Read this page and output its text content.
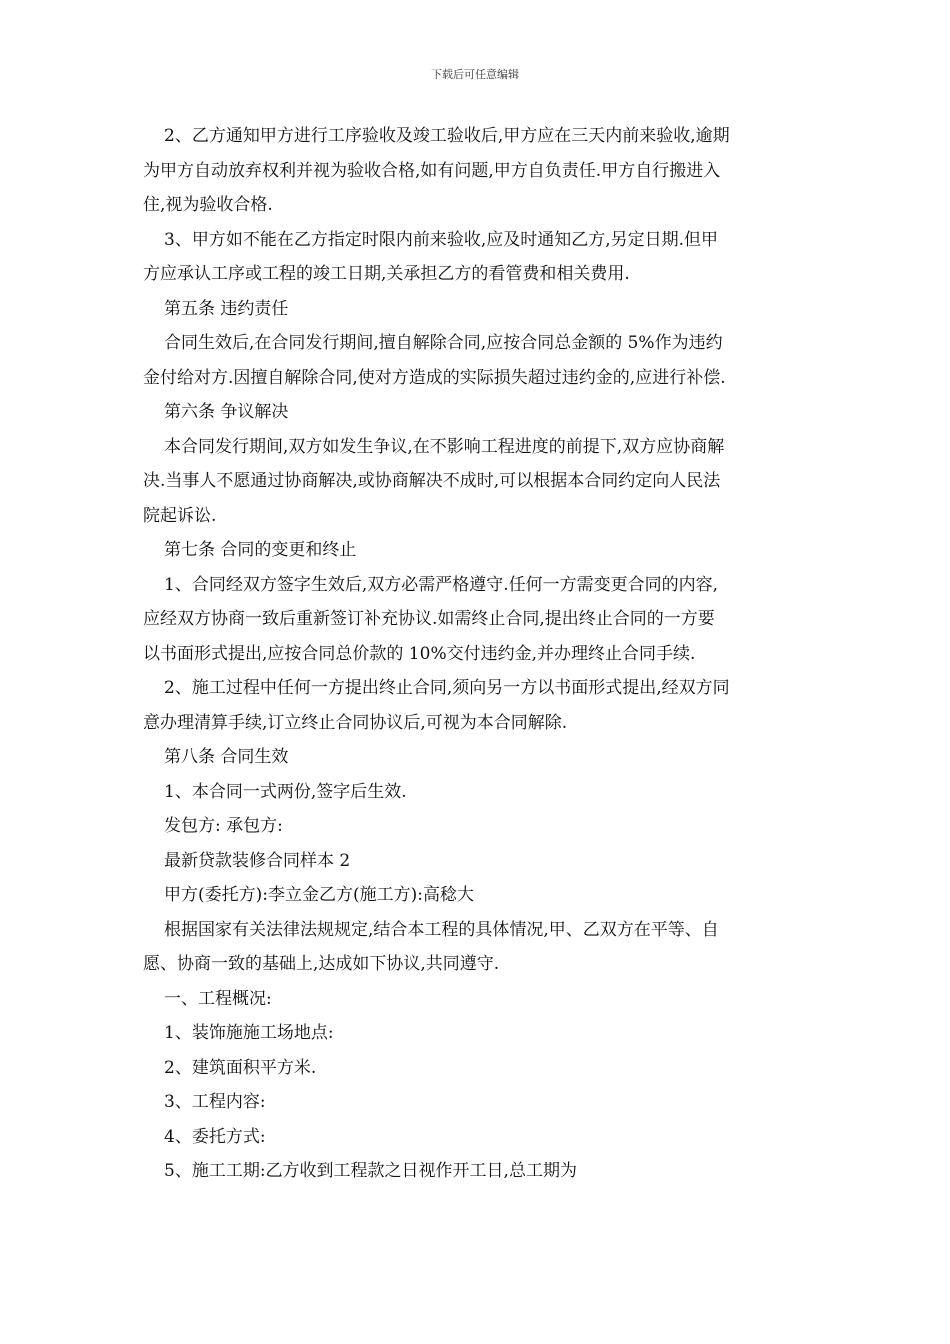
下载后可任意编辑
2、乙方通知甲方进行工序验收及竣工验收后,甲方应在三天内前来验收,逾期
为甲方自动放弃权利并视为验收合格,如有问题,甲方自负责任.甲方自行搬进入
住,视为验收合格.
3、甲方如不能在乙方指定时限内前来验收,应及时通知乙方,另定日期.但甲
方应承认工序或工程的竣工日期,关承担乙方的看管费和相关费用.
第五条 违约责任
合同生效后,在合同发行期间,擅自解除合同,应按合同总金额的 5%作为违约
金付给对方.因擅自解除合同,使对方造成的实际损失超过违约金的,应进行补偿.
第六条 争议解决
本合同发行期间,双方如发生争议,在不影响工程进度的前提下,双方应协商解
决.当事人不愿通过协商解决,或协商解决不成时,可以根据本合同约定向人民法
院起诉讼.
第七条 合同的变更和终止
1、合同经双方签字生效后,双方必需严格遵守.任何一方需变更合同的内容,
应经双方协商一致后重新签订补充协议.如需终止合同,提出终止合同的一方要
以书面形式提出,应按合同总价款的 10%交付违约金,并办理终止合同手续.
2、施工过程中任何一方提出终止合同,须向另一方以书面形式提出,经双方同
意办理清算手续,订立终止合同协议后,可视为本合同解除.
第八条 合同生效
1、本合同一式两份,签字后生效.
发包方: 承包方:
最新贷款装修合同样本 2
甲方(委托方):李立金乙方(施工方):高稔大
根据国家有关法律法规规定,结合本工程的具体情况,甲、乙双方在平等、自
愿、协商一致的基础上,达成如下协议,共同遵守.
一、工程概况:
1、装饰施施工场地点:
2、建筑面积平方米.
3、工程内容:
4、委托方式:
5、施工工期:乙方收到工程款之日视作开工日,总工期为
